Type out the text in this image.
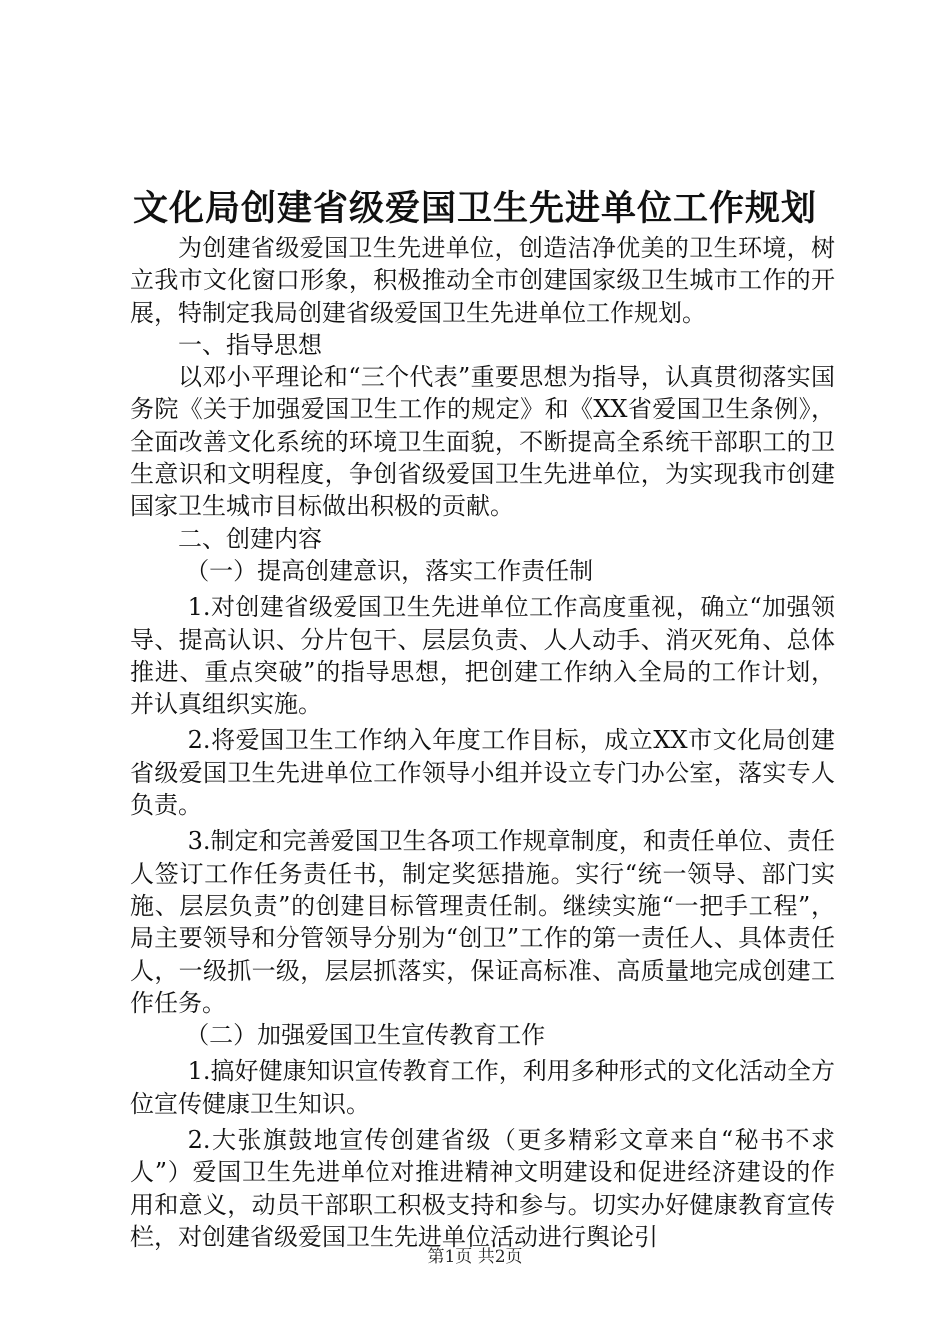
文化局创建省级爱国卫生先进单位工作规划

为创建省级爱国卫生先进单位，创造洁净优美的卫生环境，树立我市文化窗口形象，积极推动全市创建国家级卫生城市工作的开展，特制定我局创建省级爱国卫生先进单位工作规划。

一、指导思想

以邓小平理论和“三个代表”重要思想为指导，认真贯彻落实国务院《关于加强爱国卫生工作的规定》和《XX省爱国卫生条例》，全面改善文化系统的环境卫生面貌，不断提高全系统干部职工的卫生意识和文明程度，争创省级爱国卫生先进单位，为实现我市创建国家卫生城市目标做出积极的贡献。

二、创建内容

（一）提高创建意识，落实工作责任制

1.对创建省级爱国卫生先进单位工作高度重视，确立“加强领导、提高认识、分片包干、层层负责、人人动手、消灭死角、总体推进、重点突破”的指导思想，把创建工作纳入全局的工作计划，并认真组织实施。

2.将爱国卫生工作纳入年度工作目标，成立XX市文化局创建省级爱国卫生先进单位工作领导小组并设立专门办公室，落实专人负责。

3.制定和完善爱国卫生各项工作规章制度，和责任单位、责任人签订工作任务责任书，制定奖惩措施。实行“统一领导、部门实施、层层负责”的创建目标管理责任制。继续实施“一把手工程”，局主要领导和分管领导分别为“创卫”工作的第一责任人、具体责任人，一级抓一级，层层抓落实，保证高标准、高质量地完成创建工作任务。

（二）加强爱国卫生宣传教育工作

1.搞好健康知识宣传教育工作，利用多种形式的文化活动全方位宣传健康卫生知识。

2.大张旗鼓地宣传创建省级（更多精彩文章来自“秘书不求人”）爱国卫生先进单位对推进精神文明建设和促进经济建设的作用和意义，动员干部职工积极支持和参与。切实办好健康教育宣传栏，对创建省级爱国卫生先进单位活动进行舆论引

第1页 共2页
